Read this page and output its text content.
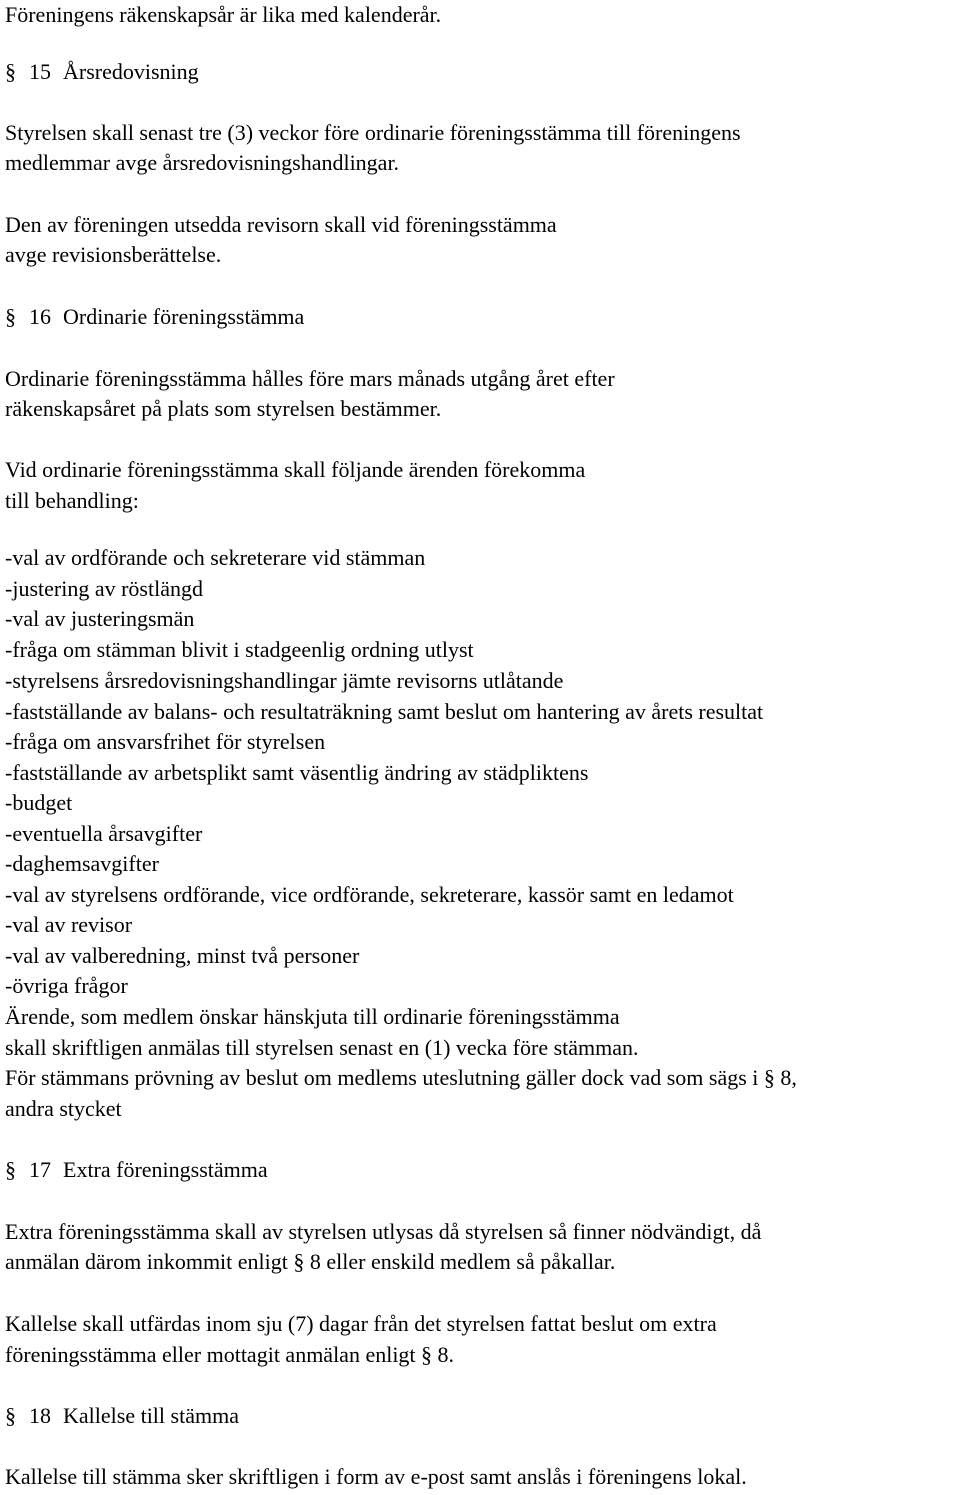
Föreningens räkenskapsår är lika med kalenderår.
§ 15 Årsredovisning
Styrelsen skall senast tre (3) veckor före ordinarie föreningsstämma till föreningens
medlemmar avge årsredovisningshandlingar.
Den av föreningen utsedda revisorn skall vid föreningsstämma
avge revisionsberättelse.
§ 16 Ordinarie föreningsstämma
Ordinarie föreningsstämma hålles före mars månads utgång året efter
räkenskapsåret på plats som styrelsen bestämmer.
Vid ordinarie föreningsstämma skall följande ärenden förekomma
till behandling:
-val av ordförande och sekreterare vid stämman
-justering av röstlängd
-val av justeringsmän
-fråga om stämman blivit i stadgeenlig ordning utlyst
-styrelsens årsredovisningshandlingar jämte revisorns utlåtande
-fastställande av balans- och resultaträkning samt beslut om hantering av årets resultat
-fråga om ansvarsfrihet för styrelsen
-fastställande av arbetsplikt samt väsentlig ändring av städpliktens
-budget
-eventuella årsavgifter
-daghemsavgifter
-val av styrelsens ordförande, vice ordförande, sekreterare, kassör samt en ledamot
-val av revisor
-val av valberedning, minst två personer
-övriga frågor
Ärende, som medlem önskar hänskjuta till ordinarie föreningsstämma
skall skriftligen anmälas till styrelsen senast en (1) vecka före stämman.
För stämmans prövning av beslut om medlems uteslutning gäller dock vad som sägs i § 8,
andra stycket
§ 17 Extra föreningsstämma
Extra föreningsstämma skall av styrelsen utlysas då styrelsen så finner nödvändigt, då
anmälan därom inkommit enligt § 8 eller enskild medlem så påkallar.
Kallelse skall utfärdas inom sju (7) dagar från det styrelsen fattat beslut om extra
föreningsstämma eller mottagit anmälan enligt § 8.
§ 18 Kallelse till stämma
Kallelse till stämma sker skriftligen i form av e-post samt anslås i föreningens lokal.
